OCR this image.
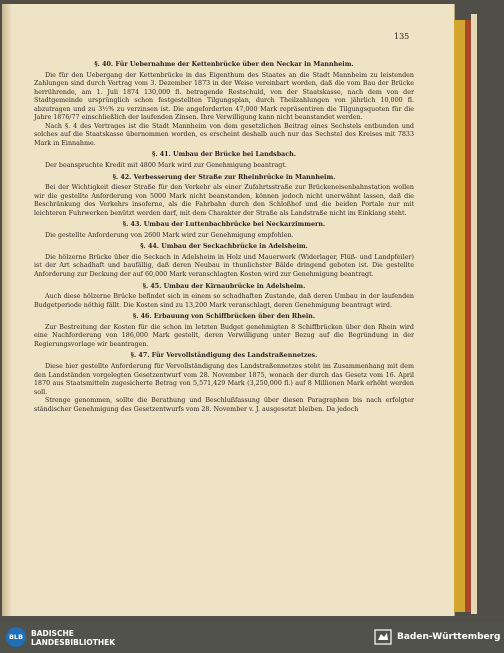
135

§. 40. Für Uebernahme der Kettenbrücke über den Neckar in Mannheim.

Die für den Uebergang der Kettenbrücke in das Eigenthum des Staates an die Stadt Mannheim zu leistenden Zahlungen sind durch Vertrag vom 3. Dezember 1873 in der Weise vereinbart worden, daß die vom Bau der Brücke herrührende, am 1. Juli 1874 130,000 fl. betragende Restschuld, von der Staatskasse, nach dem von der Stadtgemeinde ursprünglich schon festgestellten Tilgungsplan, durch Theilzahlungen von jährlich 10,000 fl. abzutragen und zu 3½% zu verzinsen ist. Die angeforderten 47,000 Mark repräsentiren die Tilgungsquoten für die Jahre 1876/77 einschließlich der laufenden Zinsen. Ihre Verwilligung kann nicht beanstandet werden.

Nach §. 4 des Vertrages ist die Stadt Mannheim von dem gesetzlichen Beitrag eines Sechstels entbunden und solches auf die Staatskasse übernommen worden, es erscheint deshalb auch nur das Sechstel des Kreises mit 7833 Mark in Einnahme.

§. 41. Umbau der Brücke bei Landsbach.

Der beanspruchte Kredit mit 4800 Mark wird zur Genehmigung beantragt.

§. 42. Verbesserung der Straße zur Rheinbrücke in Mannheim.

Bei der Wichtigkeit dieser Straße für den Verkehr als einer Zufahrtsstraße zur Brückeneisenbahnstation wollen wir die gestellte Anforderung von 5000 Mark nicht beanstanden, können jedoch nicht unerwähnt lassen, daß die Beschränkung des Verkehrs insoferne, als die Fahrbahn durch den Schloßhof und die beiden Portale nur mit leichteren Fuhrwerken benützt werden darf, mit dem Charakter der Straße als Landstraße nicht im Einklang steht.

§. 43. Umbau der Luttenbachbrücke bei Neckarzimmern.

Die gestellte Anforderung von 2600 Mark wird zur Genehmigung empfohlen.

§. 44. Umbau der Seckachbrücke in Adelsheim.

Die hölzerne Brücke über die Seckach in Adelsheim in Holz und Mauerwerk (Widerlager, Flüß- und Landpfeiler) ist der Art schadhaft und baufällig, daß deren Neubau in thunlichster Bälde dringend geboten ist. Die gestellte Anforderung zur Deckung der auf 60,000 Mark veranschlagten Kosten wird zur Genehmigung beantragt.

§. 45. Umbau der Kirnaubrücke in Adelsheim.

Auch diese hölzerne Brücke befindet sich in einem so schadhaften Zustande, daß deren Umbau in der laufenden Budgetperiode nöthig fällt. Die Kosten sind zu 13,200 Mark veranschlagt, deren Genehmigung beantragt wird.

§. 46. Erbauung von Schiffbrücken über den Rhein.

Zur Bestreitung der Kosten für die schon im letzten Budget genehmigten 8 Schiffbrücken über den Rhein wird eine Nachforderung von 186,000 Mark gestellt, deren Verwilligung unter Bezug auf die Begründung in der Regierungsvorlage wir beantragen.

§. 47. Für Vervollständigung des Landstraßennetzes.

Diese hier gestellte Anforderung für Vervollständigung des Landstraßennetzes steht im Zusammenhang mit dem den Landständen vorgelegten Gesetzentwurf vom 28. November 1875, wonach der durch das Gesetz vom 16. April 1870 aus Staatsmitteln zugesicherte Betrag von 5,571,429 Mark (3,250,000 fl.) auf 8 Millionen Mark erhöht werden soll.

Strenge genommen, sollte die Berathung und Beschlußfassung über diesen Paragraphen bis nach erfolgter ständischer Genehmigung des Gesetzentwurfs vom 28. November v. J. ausgesetzt bleiben. Da jedoch

BLB	BADISCHE
LANDESBIBLIOTHEK
Baden-Württemberg
